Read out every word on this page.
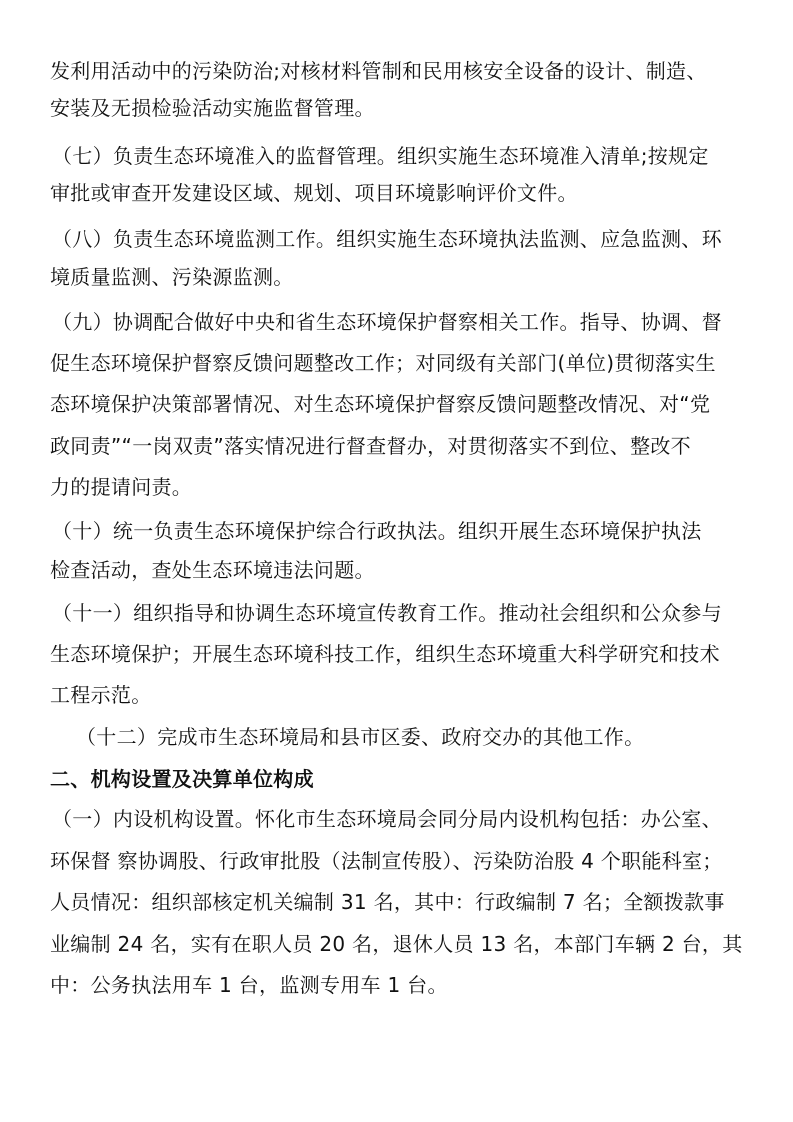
发利用活动中的污染防治;对核材料管制和民用核安全设备的设计、制造、
安装及无损检验活动实施监督管理。
（七）负责生态环境准入的监督管理。组织实施生态环境准入清单;按规定
审批或审查开发建设区域、规划、项目环境影响评价文件。
（八）负责生态环境监测工作。组织实施生态环境执法监测、应急监测、环
境质量监测、污染源监测。
（九）协调配合做好中央和省生态环境保护督察相关工作。指导、协调、督
促生态环境保护督察反馈问题整改工作；对同级有关部门(单位)贯彻落实生
态环境保护决策部署情况、对生态环境保护督察反馈问题整改情况、对“党
政同责”“一岗双责”落实情况进行督查督办，对贯彻落实不到位、整改不
力的提请问责。
（十）统一负责生态环境保护综合行政执法。组织开展生态环境保护执法
检查活动，查处生态环境违法问题。
（十一）组织指导和协调生态环境宣传教育工作。推动社会组织和公众参与
生态环境保护；开展生态环境科技工作，组织生态环境重大科学研究和技术
工程示范。
（十二）完成市生态环境局和县市区委、政府交办的其他工作。
二、机构设置及决算单位构成
（一）内设机构设置。怀化市生态环境局会同分局内设机构包括：办公室、
环保督 察协调股、行政审批股（法制宣传股）、污染防治股 4 个职能科室；
人员情况：组织部核定机关编制 31 名，其中：行政编制 7 名；全额拨款事
业编制 24 名，实有在职人员 20 名，退休人员 13 名，本部门车辆 2 台，其
中：公务执法用车 1 台，监测专用车 1 台。
